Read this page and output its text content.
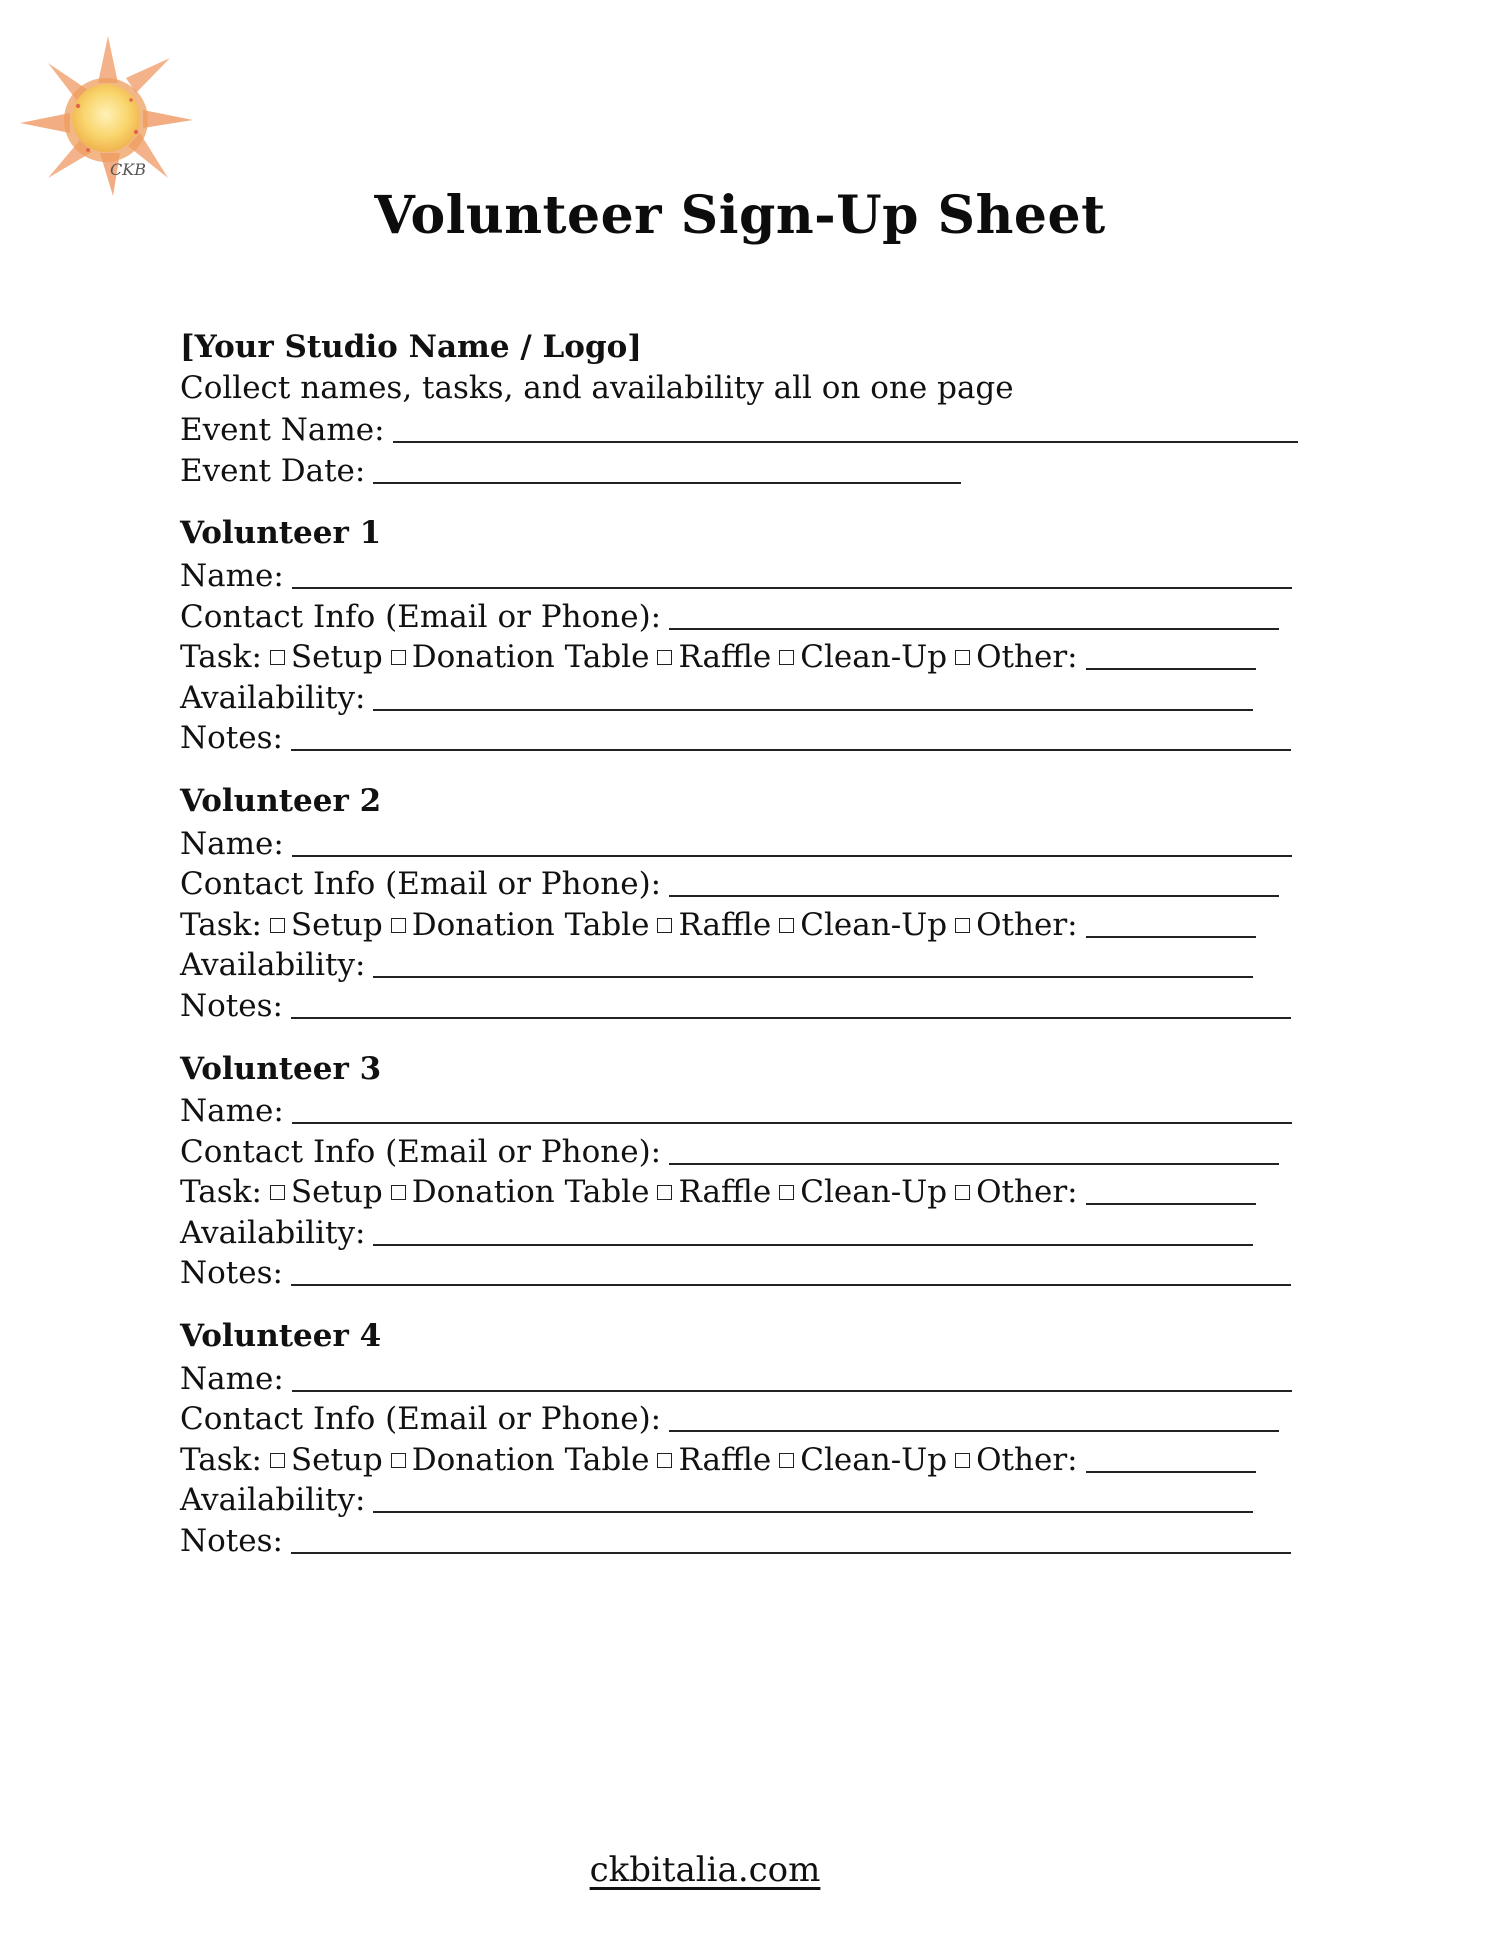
CKB
Volunteer Sign-Up Sheet
[Your Studio Name / Logo]
Collect names, tasks, and availability all on one page
Event Name:
Event Date:
Volunteer 1
Name:
Contact Info (Email or Phone):
Task: Setup Donation Table Raffle Clean-Up Other:
Availability:
Notes:
Volunteer 2
Name:
Contact Info (Email or Phone):
Task: Setup Donation Table Raffle Clean-Up Other:
Availability:
Notes:
Volunteer 3
Name:
Contact Info (Email or Phone):
Task: Setup Donation Table Raffle Clean-Up Other:
Availability:
Notes:
Volunteer 4
Name:
Contact Info (Email or Phone):
Task: Setup Donation Table Raffle Clean-Up Other:
Availability:
Notes:
ckbitalia.com
